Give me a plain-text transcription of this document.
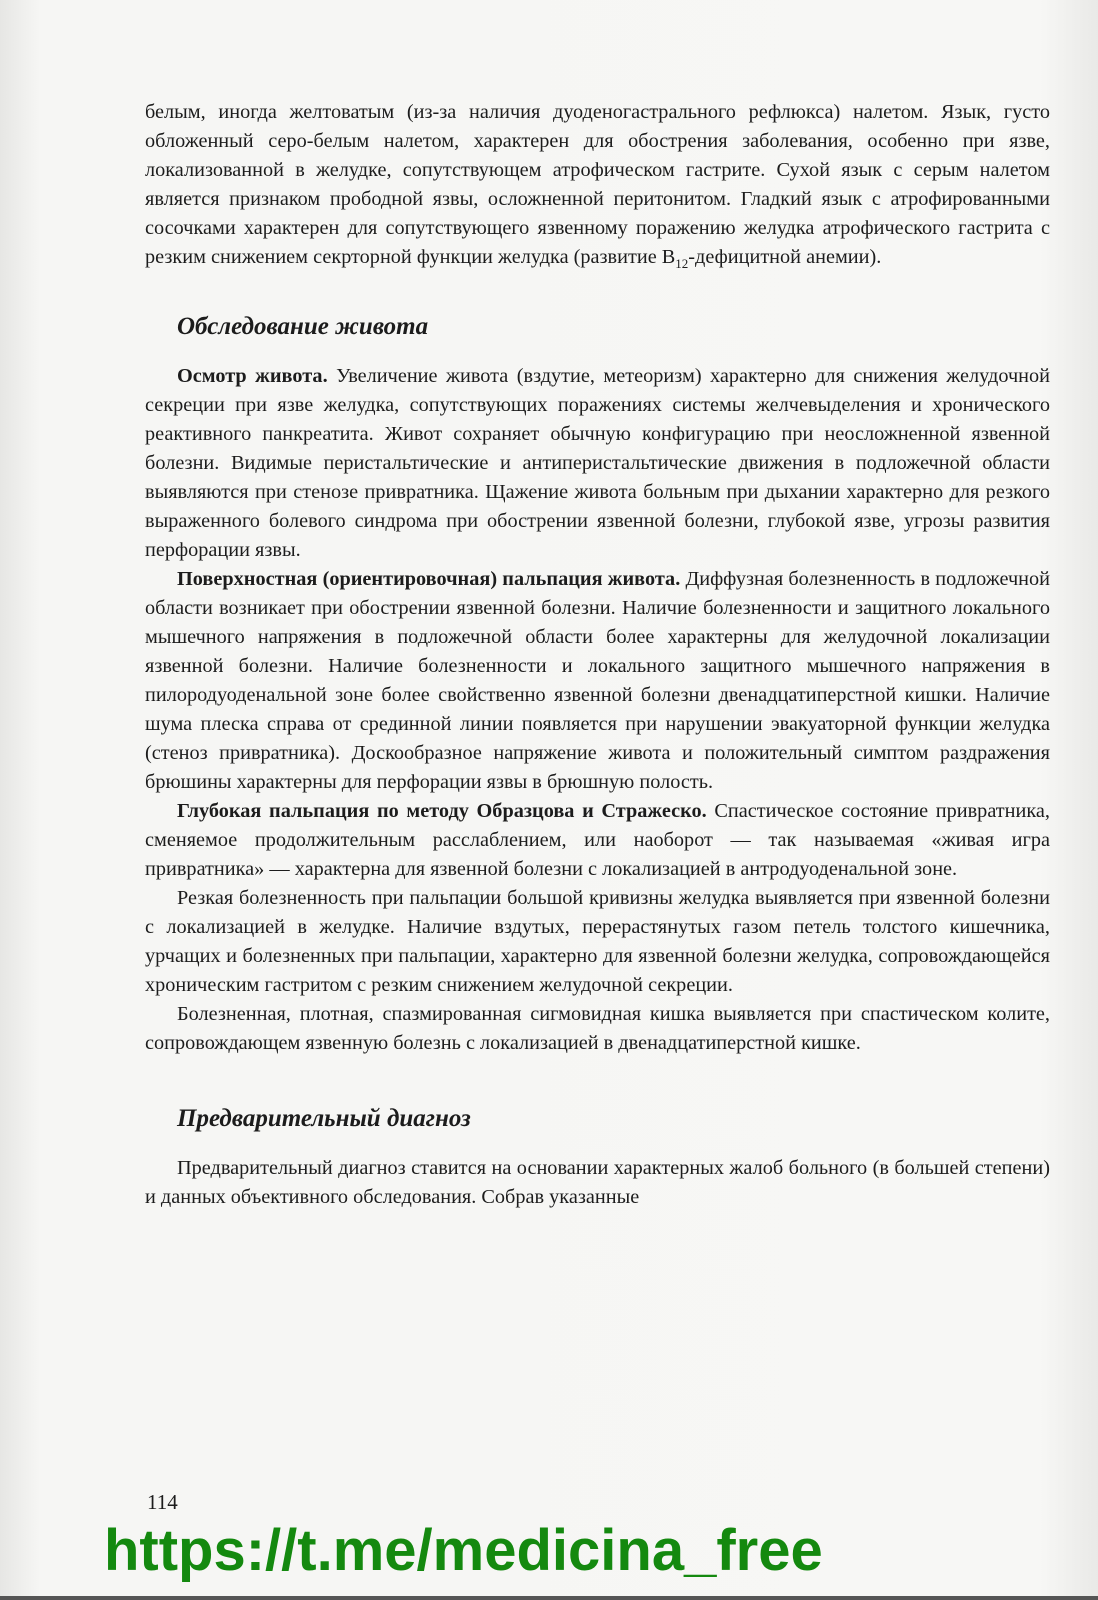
белым, иногда желтоватым (из-за наличия дуоденогастрального рефлюкса) налетом. Язык, густо обложенный серо-белым налетом, характерен для обострения заболевания, особенно при язве, локализованной в желудке, сопутствующем атрофическом гастрите. Сухой язык с серым налетом является признаком прободной язвы, осложненной перитонитом. Гладкий язык с атрофированными сосочками характерен для сопутствующего язвенному поражению желудка атрофического гастрита с резким снижением секрторной функции желудка (развитие $B_{12}$-дефицитной анемии).

Обследование живота

Осмотр живота. Увеличение живота (вздутие, метеоризм) характерно для снижения желудочной секреции при язве желудка, сопутствующих поражениях системы желчевыделения и хронического реактивного панкреатита. Живот сохраняет обычную конфигурацию при неосложненной язвенной болезни. Видимые перистальтические и антиперистальтические движения в подложечной области выявляются при стенозе привратника. Щажение живота больным при дыхании характерно для резкого выраженного болевого синдрома при обострении язвенной болезни, глубокой язве, угрозы развития перфорации язвы.

Поверхностная (ориентировочная) пальпация живота. Диффузная болезненность в подложечной области возникает при обострении язвенной болезни. Наличие болезненности и защитного локального мышечного напряжения в подложечной области более характерны для желудочной локализации язвенной болезни. Наличие болезненности и локального защитного мышечного напряжения в пилородуоденальной зоне более свойственно язвенной болезни двенадцатиперстной кишки. Наличие шума плеска справа от срединной линии появляется при нарушении эвакуаторной функции желудка (стеноз привратника). Доскообразное напряжение живота и положительный симптом раздражения брюшины характерны для перфорации язвы в брюшную полость.

Глубокая пальпация по методу Образцова и Стражеско. Спастическое состояние привратника, сменяемое продолжительным расслаблением, или наоборот — так называемая «живая игра привратника» — характерна для язвенной болезни с локализацией в антродуоденальной зоне.

Резкая болезненность при пальпации большой кривизны желудка выявляется при язвенной болезни с локализацией в желудке. Наличие вздутых, перерастянутых газом петель толстого кишечника, урчащих и болезненных при пальпации, характерно для язвенной болезни желудка, сопровождающейся хроническим гастритом с резким снижением желудочной секреции.

Болезненная, плотная, спазмированная сигмовидная кишка выявляется при спастическом колите, сопровождающем язвенную болезнь с локализацией в двенадцатиперстной кишке.

Предварительный диагноз

Предварительный диагноз ставится на основании характерных жалоб больного (в большей степени) и данных объективного обследования. Собрав указанные

114
https://t.me/medicina_free
